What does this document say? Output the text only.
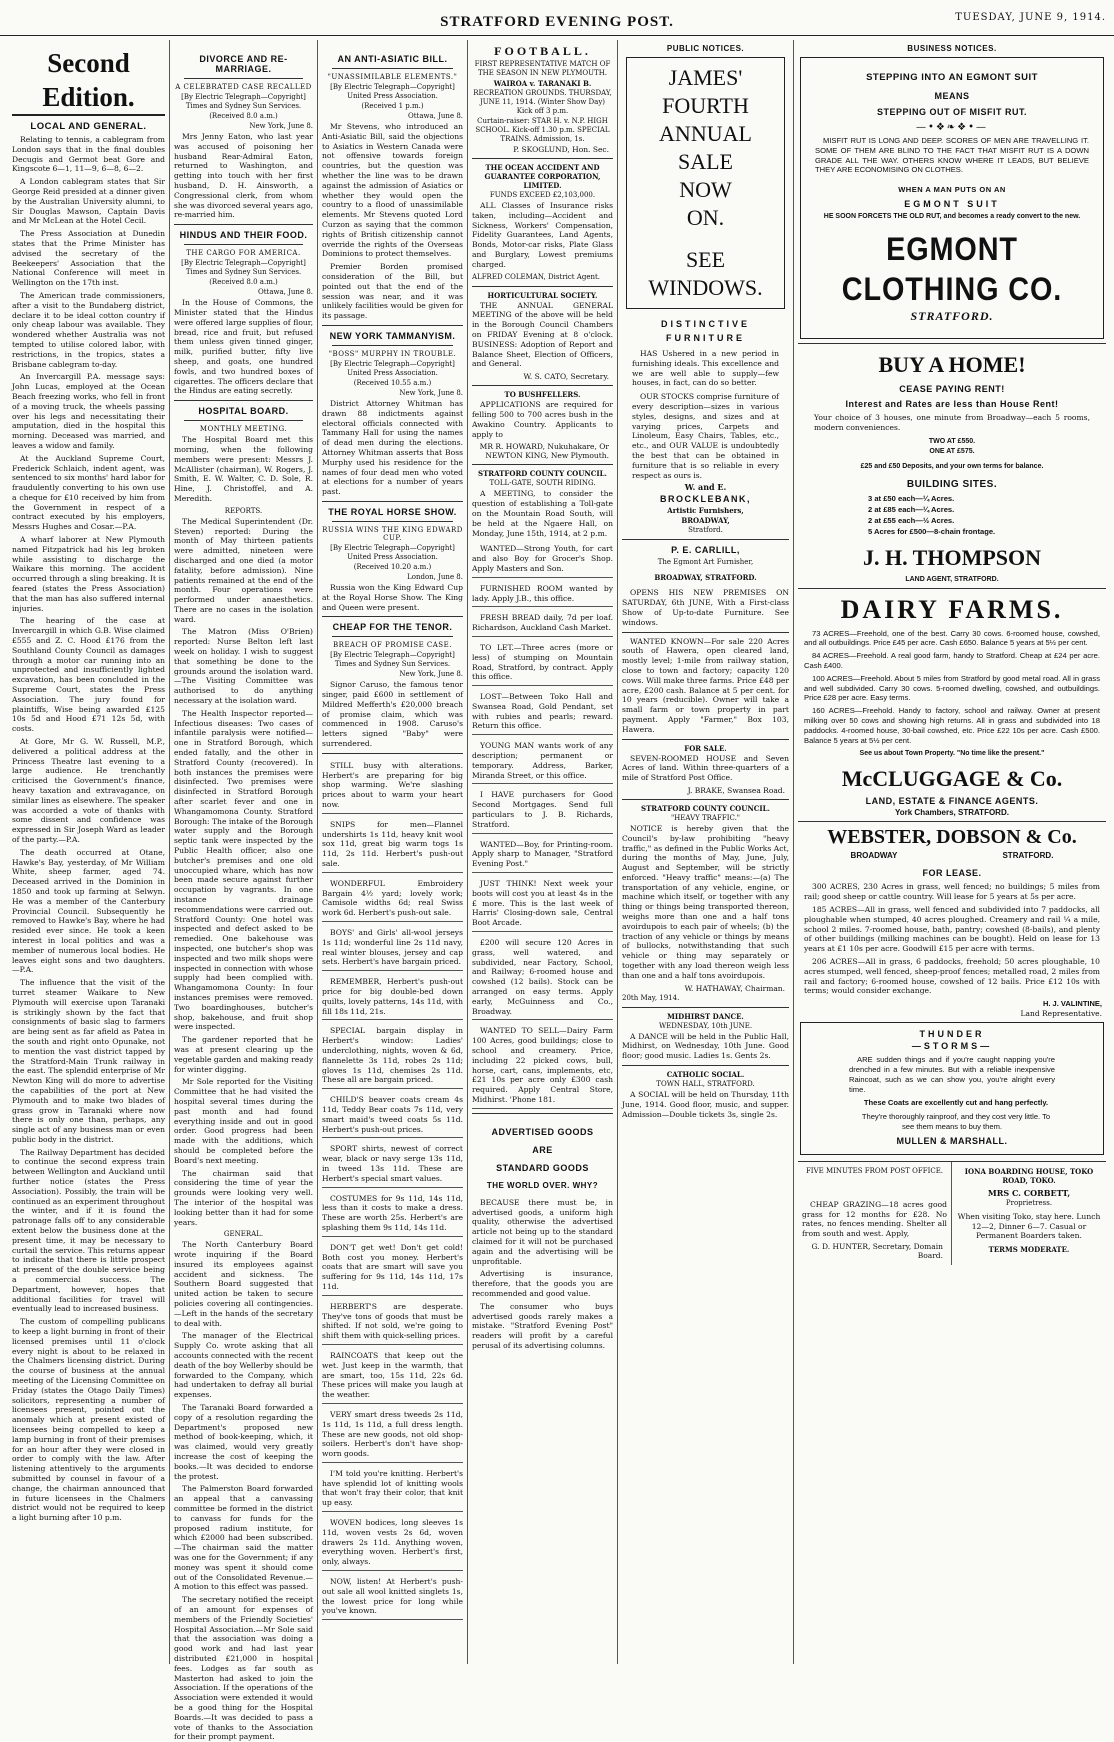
STRATFORD EVENING POST.	TUESDAY, JUNE 9, 1914.
Second Edition.
LOCAL AND GENERAL.

Relating to tennis, a cablegram from London says that in the final doubles Decugis and Germot beat Gore and Kingscote 6—1, 11—9, 6—8, 6—2.

A London cablegram states that Sir George Reid presided at a dinner given by the Australian University alumni, to Sir Douglas Mawson, Captain Davis and Mr McLean at the Hotel Cecil.

The Press Association at Dunedin states that the Prime Minister has advised the secretary of the Beekeepers' Association that the National Conference will meet in Wellington on the 17th inst.

The American trade commissioners, after a visit to the Bundaberg district, declare it to be ideal cotton country if only cheap labour was available. They wondered whether Australia was not tempted to utilise colored labor, with restrictions, in the tropics, states a Brisbane cablegram to-day.

An Invercargill P.A. message says: John Lucas, employed at the Ocean Beach freezing works, who fell in front of a moving truck, the wheels passing over his legs and necessitating their amputation, died in the hospital this morning. Deceased was married, and leaves a widow and family.

At the Auckland Supreme Court, Frederick Schlaich, indent agent, was sentenced to six months' hard labor for fraudulently converting to his own use a cheque for £10 received by him from the Government in respect of a contract executed by his employers, Messrs Hughes and Cosar.—P.A.

A wharf laborer at New Plymouth named Fitzpatrick had his leg broken while assisting to discharge the Waikare this morning. The accident occurred through a sling breaking. It is feared (states the Press Association) that the man has also suffered internal injuries.

The hearing of the case at Invercargill in which G.B. Wise claimed £555 and Z. C. Hood £176 from the Southland County Council as damages through a motor car running into an unprotected and insufficiently lighted excavation, has been concluded in the Supreme Court, states the Press Association. The jury found for plaintiffs, Wise being awarded £125 10s 5d and Hood £71 12s 5d, with costs.

At Gore, Mr G. W. Russell, M.P., delivered a political address at the Princess Theatre last evening to a large audience. He trenchantly criticised the Government's finance, heavy taxation and extravagance, on similar lines as elsewhere. The speaker was accorded a vote of thanks with some dissent and confidence was expressed in Sir Joseph Ward as leader of the party.—P.A.

The death occurred at Otane, Hawke's Bay, yesterday, of Mr William White, sheep farmer, aged 74. Deceased arrived in the Dominion in 1850 and took up farming at Selwyn. He was a member of the Canterbury Provincial Council. Subsequently he removed to Hawke's Bay, where he had resided ever since. He took a keen interest in local politics and was a member of numerous local bodies. He leaves eight sons and two daughters. —P.A.

The influence that the visit of the turret steamer Waikare to New Plymouth will exercise upon Taranaki is strikingly shown by the fact that consignments of basic slag to farmers are being sent as far afield as Patea in the south and right onto Opunake, not to mention the vast district tapped by the Stratford-Main Trunk railway in the east. The splendid enterprise of Mr Newton King will do more to advertise the capabilities of the port at New Plymouth and to make two blades of grass grow in Taranaki where now there is only one than, perhaps, any single act of any business man or even public body in the district.

The Railway Department has decided to continue the second express train between Wellington and Auckland until further notice (states the Press Association). Possibly, the train will be continued as an experiment throughout the winter, and if it is found the patronage falls off to any considerable extent below the business done at the present time, it may be necessary to curtail the service. This returns appear to indicate that there is little prospect at present of the double service being a commercial success. The Department, however, hopes that additional facilities for travel will eventually lead to increased business.

The custom of compelling publicans to keep a light burning in front of their licensed premises until 11 o'clock every night is about to be relaxed in the Chalmers licensing district. During the course of business at the annual meeting of the Licensing Committee on Friday (states the Otago Daily Times) solicitors, representing a number of licensees present, pointed out the anomaly which at present existed of licensees being compelled to keep a lamp burning in front of their premises for an hour after they were closed in order to comply with the law. After listening attentively to the arguments submitted by counsel in favour of a change, the chairman announced that in future licensees in the Chalmers district would not be required to keep a light burning after 10 p.m.

DIVORCE AND RE-MARRIAGE.
A CELEBRATED CASE RECALLED
[By Electric Telegraph—Copyright] Times and Sydney Sun Services.
(Received 8.0 a.m.)
New York, June 8.

Mrs Jenny Eaton, who last year was accused of poisoning her husband Rear-Admiral Eaton, returned to Washington, and getting into touch with her first husband, D. H. Ainsworth, a Congressional clerk, from whom she was divorced several years ago, re-married him.

HINDUS AND THEIR FOOD.
THE CARGO FOR AMERICA.
[By Electric Telegraph—Copyright] Times and Sydney Sun Services.
(Received 8.0 a.m.)
Ottawa, June 8.

In the House of Commons, the Minister stated that the Hindus were offered large supplies of flour, bread, rice and fruit, but refused them unless given tinned ginger, milk, purified butter, fifty live sheep, and goats, one hundred fowls, and two hundred boxes of cigarettes. The officers declare that the Hindus are eating secretly.

HOSPITAL BOARD.
MONTHLY MEETING.

The Hospital Board met this morning, when the following members were present: Messrs J. McAllister (chairman), W. Rogers, J. Smith, E. W. Walter, C. D. Sole, R. Hine, J. Christoffel, and A. Meredith.

REPORTS.

The Medical Superintendent (Dr. Steven) reported: During the month of May thirteen patients were admitted, nineteen were discharged and one died (a motor fatality, before admission). Nine patients remained at the end of the month. Four operations were performed under anaesthetics. There are no cases in the isolation ward.

The Matron (Miss O'Brien) reported: Nurse Belton left last week on holiday. I wish to suggest that something be done to the grounds around the isolation ward.—The Visiting Committee was authorised to do anything necessary at the isolation ward.

The Health Inspector reported—Infectious diseases: Two cases of infantile paralysis were notified—one in Stratford Borough, which ended fatally, and the other in Stratford County (recovered). In both instances the premises were disinfected. Two premises were disinfected in Stratford Borough after scarlet fever and one in Whangamomona County. Stratford Borough: The intake of the Borough water supply and the Borough septic tank were inspected by the Public Health officer, also one butcher's premises and one old unoccupied whare, which has now been made secure against further occupation by vagrants. In one instance drainage recommendations were carried out. Stratford County: One hotel was inspected and defect asked to be remedied. One bakehouse was inspected, one butcher's shop was inspected and two milk shops were inspected in connection with whose supply had been complied with. Whangamomona County: In four instances premises were removed. Two boardinghouses, butcher's shop, bakehouse, and fruit shop were inspected.

The gardener reported that he was at present clearing up the vegetable garden and making ready for winter digging.

Mr Sole reported for the Visiting Committee that he had visited the hospital several times during the past month and had found everything inside and out in good order. Good progress had been made with the additions, which should be completed before the Board's next meeting.

The chairman said that considering the time of year the grounds were looking very well. The interior of the hospital was looking better than it had for some years.

GENERAL.

The North Canterbury Board wrote inquiring if the Board insured its employees against accident and sickness. The Southern Board suggested that united action be taken to secure policies covering all contingencies.—Left in the hands of the secretary to deal with.

The manager of the Electrical Supply Co. wrote asking that all accounts connected with the recent death of the boy Wellerby should be forwarded to the Company, which had undertaken to defray all burial expenses.

The Taranaki Board forwarded a copy of a resolution regarding the Department's proposed new method of book-keeping, which, it was claimed, would very greatly increase the cost of keeping the books.—It was decided to endorse the protest.

The Palmerston Board forwarded an appeal that a canvassing committee be formed in the district to canvass for funds for the proposed radium institute, for which £2000 had been subscribed.—The chairman said the matter was one for the Government; if any money was spent it should come out of the Consolidated Revenue.—A motion to this effect was passed.

The secretary notified the receipt of an amount for expenses of members of the Friendly Societies' Hospital Association.—Mr Sole said that the association was doing a good work and had last year distributed £21,000 in hospital fees. Lodges as far south as Masterton had asked to join the Association. If the operations of the Association were extended it would be a good thing for the Hospital Boards.—It was decided to pass a vote of thanks to the Association for their prompt payment.

AN ANTI-ASIATIC BILL.
"UNASSIMILABLE ELEMENTS."
[By Electric Telegraph—Copyright] United Press Association.
(Received 1 p.m.)
Ottawa, June 8.

Mr Stevens, who introduced an Anti-Asiatic Bill, said the objections to Asiatics in Western Canada were not offensive towards foreign countries, but the question was whether the line was to be drawn against the admission of Asiatics or whether they would open the country to a flood of unassimilable elements. Mr Stevens quoted Lord Curzon as saying that the common rights of British citizenship cannot override the rights of the Overseas Dominions to protect themselves.

Premier Borden promised consideration of the Bill, but pointed out that the end of the session was near, and it was unlikely facilities would be given for its passage.

NEW YORK TAMMANYISM.
"BOSS" MURPHY IN TROUBLE.
[By Electric Telegraph—Copyright] United Press Association.
(Received 10.55 a.m.)
New York, June 8.

District Attorney Whitman has drawn 88 indictments against electoral officials connected with Tammany Hall for using the names of dead men during the elections. Attorney Whitman asserts that Boss Murphy used his residence for the names of four dead men who voted at elections for a number of years past.

THE ROYAL HORSE SHOW.
RUSSIA WINS THE KING EDWARD CUP.
[By Electric Telegraph—Copyright] United Press Association.
(Received 10.20 a.m.)
London, June 8.

Russia won the King Edward Cup at the Royal Horse Show. The King and Queen were present.

CHEAP FOR THE TENOR.
BREACH OF PROMISE CASE.
[By Electric Telegraph—Copyright] Times and Sydney Sun Services.
New York, June 8.

Signor Caruso, the famous tenor singer, paid £600 in settlement of Mildred Mefferth's £20,000 breach of promise claim, which was commenced in 1908. Caruso's letters signed "Baby" were surrendered.

STILL busy with alterations. Herbert's are preparing for big shop warming. We're slashing prices about to warm your heart now.

SNIPS for men—Flannel undershirts 1s 11d, heavy knit wool sox 11d, great big warm togs 1s 11d, 2s 11d. Herbert's push-out sale.

WONDERFUL Embroidery Bargain 4½ yard; lovely work; Camisole widths 6d; real Swiss work 6d. Herbert's push-out sale.

BOYS' and Girls' all-wool jerseys 1s 11d; wonderful line 2s 11d navy, real winter blouses, jersey and cap sets. Herbert's have bargain priced.

REMEMBER, Herbert's push-out price for big double-bed down quilts, lovely patterns, 14s 11d, with fill 18s 11d, 21s.

SPECIAL bargain display in Herbert's window: Ladies' underclothing, nights, woven & 6d, flannelette 3s 11d, robes 2s 11d; gloves 1s 11d, chemises 2s 11d. These all are bargain priced.

CHILD'S beaver coats cream 4s 11d, Teddy Bear coats 7s 11d, very smart maid's tweed coats 5s 11d. Herbert's push-out prices.

SPORT shirts, newest of correct wear, black or navy serge 13s 11d, in tweed 13s 11d. These are Herbert's special smart values.

COSTUMES for 9s 11d, 14s 11d, less than it costs to make a dress. These are worth 25s. Herbert's are splashing them 9s 11d, 14s 11d.

DON'T get wet! Don't get cold! Both cost you money. Herbert's coats that are smart will save you suffering for 9s 11d, 14s 11d, 17s 11d.

HERBERT'S are desperate. They've tons of goods that must be shifted. If not sold, we're going to shift them with quick-selling prices.

RAINCOATS that keep out the wet. Just keep in the warmth, that are smart, too, 15s 11d, 22s 6d. These prices will make you laugh at the weather.

VERY smart dress tweeds 2s 11d, 1s 11d, 1s 11d, a full dress length. These are new goods, not old shop-soilers. Herbert's don't have shop-worn goods.

I'M told you're knitting. Herbert's have splendid lot of knitting wools that won't fray their color, that knit up easy.

WOVEN bodices, long sleeves 1s 11d, woven vests 2s 6d, woven drawers 2s 11d. Anything woven, everything woven. Herbert's first, only, always.

NOW, listen! At Herbert's push-out sale all wool knitted singlets 1s, the lowest price for long while you've known.

FOOTBALL.
FIRST REPRESENTATIVE MATCH OF THE SEASON IN NEW PLYMOUTH.
WAIROA v. TARANAKI B.
RECREATION GROUNDS. THURSDAY, JUNE 11, 1914. (Winter Show Day) Kick off 3 p.m.
Curtain-raiser: STAR H. v. N.P. HIGH SCHOOL. Kick-off 1.30 p.m. SPECIAL TRAINS. Admission, 1s.
P. SKOGLUND, Hon. Sec.
THE OCEAN ACCIDENT AND GUARANTEE CORPORATION, LIMITED.
FUNDS EXCEED £2,103,000.

ALL Classes of Insurance risks taken, including—Accident and Sickness, Workers' Compensation, Fidelity Guarantees, Land Agents, Bonds, Motor-car risks, Plate Glass and Burglary, Lowest premiums charged.

ALFRED COLEMAN, District Agent.
HORTICULTURAL SOCIETY.

THE ANNUAL GENERAL MEETING of the above will be held in the Borough Council Chambers on FRIDAY Evening at 8 o'clock. BUSINESS: Adoption of Report and Balance Sheet, Election of Officers, and General.

W. S. CATO, Secretary.
TO BUSHFELLERS.

APPLICATIONS are required for felling 500 to 700 acres bush in the Awakino Country. Applicants to apply to

MR R. HOWARD, Nukuhakare, Or NEWTON KING, New Plymouth.
STRATFORD COUNTY COUNCIL.
TOLL-GATE, SOUTH RIDING.

A MEETING, to consider the question of establishing a Toll-gate on the Mountain Road South, will be held at the Ngaere Hall, on Monday, June 15th, 1914, at 2 p.m.

WANTED—Strong Youth, for cart and also Boy for Grocer's Shop. Apply Masters and Son.

FURNISHED ROOM wanted by lady. Apply J.B., this office.

FRESH BREAD daily, 7d per loaf. Richardson, Auckland Cash Market.

TO LET.—Three acres (more or less) of stumping on Mountain Road, Stratford, by contract. Apply this office.

LOST—Between Toko Hall and Swansea Road, Gold Pendant, set with rubies and pearls; reward. Return this office.

YOUNG MAN wants work of any description; permanent or temporary. Address, Barker, Miranda Street, or this office.

I HAVE purchasers for Good Second Mortgages. Send full particulars to J. B. Richards, Stratford.

WANTED—Boy, for Printing-room. Apply sharp to Manager, "Stratford Evening Post."

JUST THINK! Next week your boots will cost you at least 4s in the £ more. This is the last week of Harris' Closing-down sale, Central Boot Arcade.

£200 will secure 120 Acres in grass, well watered, and subdivided, near Factory, School, and Railway; 6-roomed house and cowshed (12 bails). Stock can be arranged on easy terms. Apply early, McGuinness and Co., Broadway.

WANTED TO SELL—Dairy Farm 100 Acres, good buildings; close to school and creamery. Price, including 22 picked cows, bull, horse, cart, cans, implements, etc, £21 10s per acre only £300 cash required. Apply Central Store, Midhirst. 'Phone 181.

ADVERTISED GOODS
ARE
STANDARD GOODS
THE WORLD OVER. WHY?

BECAUSE there must be, in advertised goods, a uniform high quality, otherwise the advertised article not being up to the standard claimed for it will not be purchased again and the advertising will be unprofitable.

Advertising is insurance, therefore, that the goods you are recommended and good value.

The consumer who buys advertised goods rarely makes a mistake. "Stratford Evening Post" readers will profit by a careful perusal of its advertising columns.

PUBLIC NOTICES.
JAMES'
FOURTH
ANNUAL
SALE
NOW
ON.
SEE
WINDOWS.
DISTINCTIVE FURNITURE

HAS Ushered in a new period in furnishing ideals. This excellence and we are well able to supply—few houses, in fact, can do so better.

OUR STOCKS comprise furniture of every description—sizes in various styles, designs, and sizes and at varying prices, Carpets and Linoleum, Easy Chairs, Tables, etc., etc., and OUR VALUE is undoubtedly the best that can be obtained in furniture that is so reliable in every respect as ours is.

W. and E.
BROCKLEBANK,
Artistic Furnishers,
BROADWAY,
Stratford.
P. E. CARLILL,
The Egmont Art Furnisher,
BROADWAY, STRATFORD.

OPENS HIS NEW PREMISES ON SATURDAY, 6th JUNE, With a First-class Show of Up-to-date Furniture. See windows.

WANTED KNOWN—For sale 220 Acres south of Hawera, open cleared land, mostly level; 1-mile from railway station, close to town and factory; capacity 120 cows. Will make three farms. Price £48 per acre, £200 cash. Balance at 5 per cent. for 10 years (reducible). Owner will take a small farm or town property in part payment. Apply "Farmer," Box 103, Hawera.

FOR SALE.

SEVEN-ROOMED HOUSE and Seven Acres of land. Within three-quarters of a mile of Stratford Post Office.

J. BRAKE, Swansea Road.
STRATFORD COUNTY COUNCIL.
"HEAVY TRAFFIC."

NOTICE is hereby given that the Council's by-law prohibiting "heavy traffic," as defined in the Public Works Act, during the months of May, June, July, August and September, will be strictly enforced. "Heavy traffic" means:—(a) The transportation of any vehicle, engine, or machine which itself, or together with any thing or things being transported thereon, weighs more than one and a half tons avoirdupois to each pair of wheels; (b) the traction of any vehicle or things by means of bullocks, notwithstanding that such vehicle or thing may separately or together with any load thereon weigh less than one and a half tons avoirdupois.

W. HATHAWAY, Chairman.
20th May, 1914.
MIDHIRST DANCE.
WEDNESDAY, 10th JUNE.

A DANCE will be held in the Public Hall, Midhirst, on Wednesday, 10th June. Good floor; good music. Ladies 1s. Gents 2s.

CATHOLIC SOCIAL.
TOWN HALL, STRATFORD.

A SOCIAL will be held on Thursday, 11th June, 1914. Good floor, music, and supper. Admission—Double tickets 3s, single 2s.

BUSINESS NOTICES.
STEPPING INTO AN EGMONT SUIT
MEANS
STEPPING OUT OF MISFIT RUT.
—•❖❧❖•—

MISFIT RUT IS LONG AND DEEP. SCORES OF MEN ARE TRAVELLING IT. SOME OF THEM ARE BLIND TO THE FACT THAT MISFIT RUT IS A DOWN GRADE ALL THE WAY. OTHERS KNOW WHERE IT LEADS, BUT BELIEVE THEY ARE ECONOMISING ON CLOTHES.

WHEN A MAN PUTS ON AN
EGMONT SUIT
HE SOON FORCETS THE OLD RUT, and becomes a ready convert to the new.
EGMONT CLOTHING CO.
STRATFORD.
BUY A HOME!
CEASE PAYING RENT!
Interest and Rates are less than House Rent!

Your choice of 3 houses, one minute from Broadway—each 5 rooms, modern conveniences.

TWO AT £550.
ONE AT £575.
£25 and £50 Deposits, and your own terms for balance.
BUILDING SITES.
3 at £50 each—¼ Acres.
2 at £85 each—¼ Acres.
2 at £55 each—½ Acres.
5 Acres for £500—8-chain frontage.
J. H. THOMPSON
LAND AGENT, STRATFORD.
DAIRY FARMS.

73 ACRES—Freehold, one of the best. Carry 30 cows. 6-roomed house, cowshed, and all outbuildings. Price £45 per acre. Cash £650. Balance 5 years at 5½ per cent.

84 ACRES—Freehold. A real good farm, handy to Stratford. Cheap at £24 per acre. Cash £400.

100 ACRES—Freehold. About 5 miles from Stratford by good metal road. All in grass and well subdivided. Carry 30 cows. 5-roomed dwelling, cowshed, and outbuildings. Price £28 per acre. Easy terms.

160 ACRES—Freehold. Handy to factory, school and railway. Owner at present milking over 50 cows and showing high returns. All in grass and subdivided into 18 paddocks. 4-roomed house, 30-bail cowshed, etc. Price £22 10s per acre. Cash £500. Balance 5 years at 5½ per cent.

See us about Town Property. "No time like the present."
McCLUGGAGE & Co.
LAND, ESTATE & FINANCE AGENTS.
York Chambers, STRATFORD.
WEBSTER, DOBSON & Co.
BROADWAY	STRATFORD.
FOR LEASE.

300 ACRES, 230 Acres in grass, well fenced; no buildings; 5 miles from rail; good sheep or cattle country. Will lease for 5 years at 5s per acre.

185 ACRES—All in grass, well fenced and subdivided into 7 paddocks, all ploughable when stumped, 40 acres ploughed. Creamery and rail ¼ a mile, school 2 miles. 7-roomed house, bath, pantry; cowshed (8-bails), and plenty of other buildings (milking machines can be bought). Held on lease for 13 years at £1 10s per acre. Goodwill £15 per acre with terms.

206 ACRES—All in grass, 6 paddocks, freehold; 50 acres ploughable, 10 acres stumped, well fenced, sheep-proof fences; metalled road, 2 miles from rail and factory; 6-roomed house, cowshed of 12 bails. Price £12 10s with terms; would consider exchange.

H. J. VALINTINE,
Land Representative.
THUNDER
—STORMS—

ARE sudden things and if you're caught napping you're drenched in a few minutes. But with a reliable inexpensive Raincoat, such as we can show you, you're alright every time.

These Coats are excellently cut and hang perfectly.

They're thoroughly rainproof, and they cost very little. To see them means to buy them.

MULLEN & MARSHALL.
FIVE MINUTES FROM POST OFFICE.

CHEAP GRAZING—18 acres good grass for 12 months for £28. No rates, no fences mending. Shelter all from south and west. Apply,

G. D. HUNTER, Secretary, Domain Board.
IONA BOARDING HOUSE, TOKO ROAD, TOKO.
MRS C. CORBETT,
Proprietress.

When visiting Toko, stay here. Lunch 12—2, Dinner 6—7. Casual or Permanent Boarders taken.

TERMS MODERATE.
